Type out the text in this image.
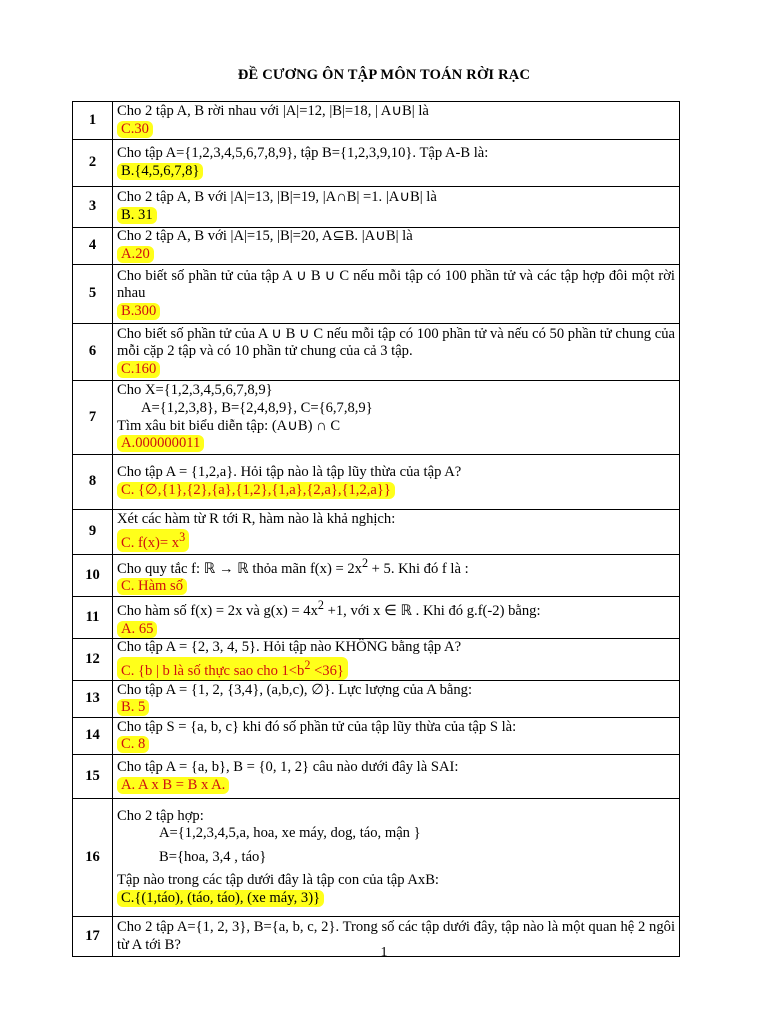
ĐỀ CƯƠNG ÔN TẬP MÔN TOÁN RỜI RẠC
1	Cho 2 tập A, B rời nhau với |A|=12, |B|=18, | A∪B| là
C.30
2	Cho tập A={1,2,3,4,5,6,7,8,9}, tập B={1,2,3,9,10}. Tập A-B là:
B.{4,5,6,7,8}
3	Cho 2 tập A, B với |A|=13, |B|=19, |A∩B| =1. |A∪B| là
B. 31
4	Cho 2 tập A, B với |A|=15, |B|=20, A⊆B. |A∪B| là
A.20
5	Cho biết số phần tử của tập A ∪ B ∪ C nếu mỗi tập có 100 phần tử và các tập hợp đôi một rời nhau
B.300
6	Cho biết số phần tử của A ∪ B ∪ C nếu mỗi tập có 100 phần tử và nếu có 50 phần tử chung của mỗi cặp 2 tập và có 10 phần tử chung của cả 3 tập.
C.160
7	Cho X={1,2,3,4,5,6,7,8,9}
A={1,2,3,8}, B={2,4,8,9}, C={6,7,8,9}
Tìm xâu bit biểu diễn tập: (A∪B) ∩ C
A.000000011
8	Cho tập A = {1,2,a}. Hỏi tập nào là tập lũy thừa của tập A?
C. {∅,{1},{2},{a},{1,2},{1,a},{2,a},{1,2,a}}
9	Xét các hàm từ R tới R, hàm nào là khả nghịch:
C. $f(x)= x^3$
10	Cho quy tắc f: ℝ → ℝ thỏa mãn $f(x) = 2x^2 + 5$. Khi đó f là :
C. Hàm số
11	Cho hàm số f(x) = 2x và $g(x) = 4x^2 +1$, với x ∈ ℝ . Khi đó g.f(-2) bằng:
A. 65
12	Cho tập A = {2, 3, 4, 5}. Hỏi tập nào KHÔNG bằng tập A?
C. {b | b là số thực sao cho $1<b^2 <36$}
13	Cho tập A = {1, 2, {3,4}, (a,b,c), ∅}. Lực lượng của A bằng:
B. 5
14	Cho tập S = {a, b, c} khi đó số phần tử của tập lũy thừa của tập S là:
C. 8
15	Cho tập A = {a, b}, B = {0, 1, 2} câu nào dưới đây là SAI:
A. A x B = B x A.
16	Cho 2 tập hợp:
A={1,2,3,4,5,a, hoa, xe máy, dog, táo, mận }
B={hoa, 3,4 , táo}
Tập nào trong các tập dưới đây là tập con của tập AxB:
C.{(1,táo), (táo, táo), (xe máy, 3)}
17	Cho 2 tập A={1, 2, 3}, B={a, b, c, 2}. Trong số các tập dưới đây, tập nào là một quan hệ 2 ngôi từ A tới B?	1
